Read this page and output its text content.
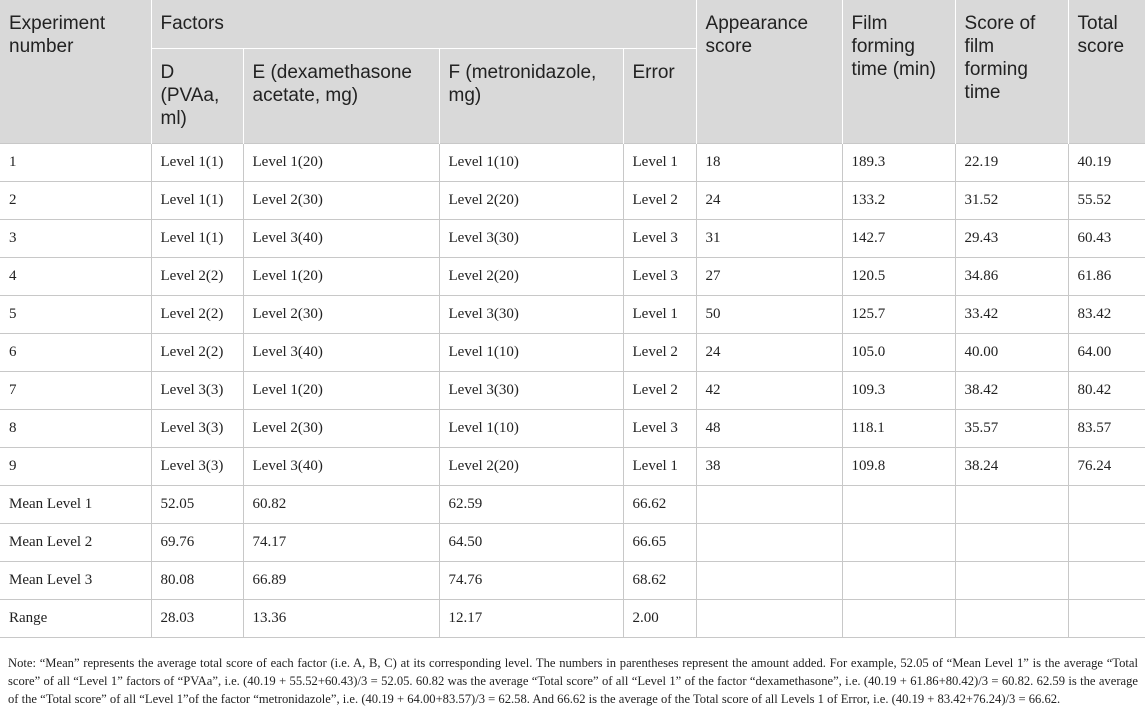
Experiment number	Factors				Appearance score	Film forming time (min)	Score of film forming time	Total score
	D (PVAa, ml)	E (dexamethasone acetate, mg)	F (metronidazole, mg)	Error				
1	Level 1(1)	Level 1(20)	Level 1(10)	Level 1	18	189.3	22.19	40.19
2	Level 1(1)	Level 2(30)	Level 2(20)	Level 2	24	133.2	31.52	55.52
3	Level 1(1)	Level 3(40)	Level 3(30)	Level 3	31	142.7	29.43	60.43
4	Level 2(2)	Level 1(20)	Level 2(20)	Level 3	27	120.5	34.86	61.86
5	Level 2(2)	Level 2(30)	Level 3(30)	Level 1	50	125.7	33.42	83.42
6	Level 2(2)	Level 3(40)	Level 1(10)	Level 2	24	105.0	40.00	64.00
7	Level 3(3)	Level 1(20)	Level 3(30)	Level 2	42	109.3	38.42	80.42
8	Level 3(3)	Level 2(30)	Level 1(10)	Level 3	48	118.1	35.57	83.57
9	Level 3(3)	Level 3(40)	Level 2(20)	Level 1	38	109.8	38.24	76.24
Mean Level 1	52.05	60.82	62.59	66.62				
Mean Level 2	69.76	74.17	64.50	66.65				
Mean Level 3	80.08	66.89	74.76	68.62				
Range	28.03	13.36	12.17	2.00				
Note: “Mean” represents the average total score of each factor (i.e. A, B, C) at its corresponding level. The numbers in parentheses represent the amount added. For example, 52.05 of “Mean Level 1” is the average “Total score” of all “Level 1” factors of “PVAa”, i.e. (40.19 + 55.52+60.43)/3 = 52.05. 60.82 was the average “Total score” of all “Level 1” of the factor “dexamethasone”, i.e. (40.19 + 61.86+80.42)/3 = 60.82. 62.59 is the average of the “Total score” of all “Level 1”of the factor “metronidazole”, i.e. (40.19 + 64.00+83.57)/3 = 62.58. And 66.62 is the average of the Total score of all Levels 1 of Error, i.e. (40.19 + 83.42+76.24)/3 = 66.62.
